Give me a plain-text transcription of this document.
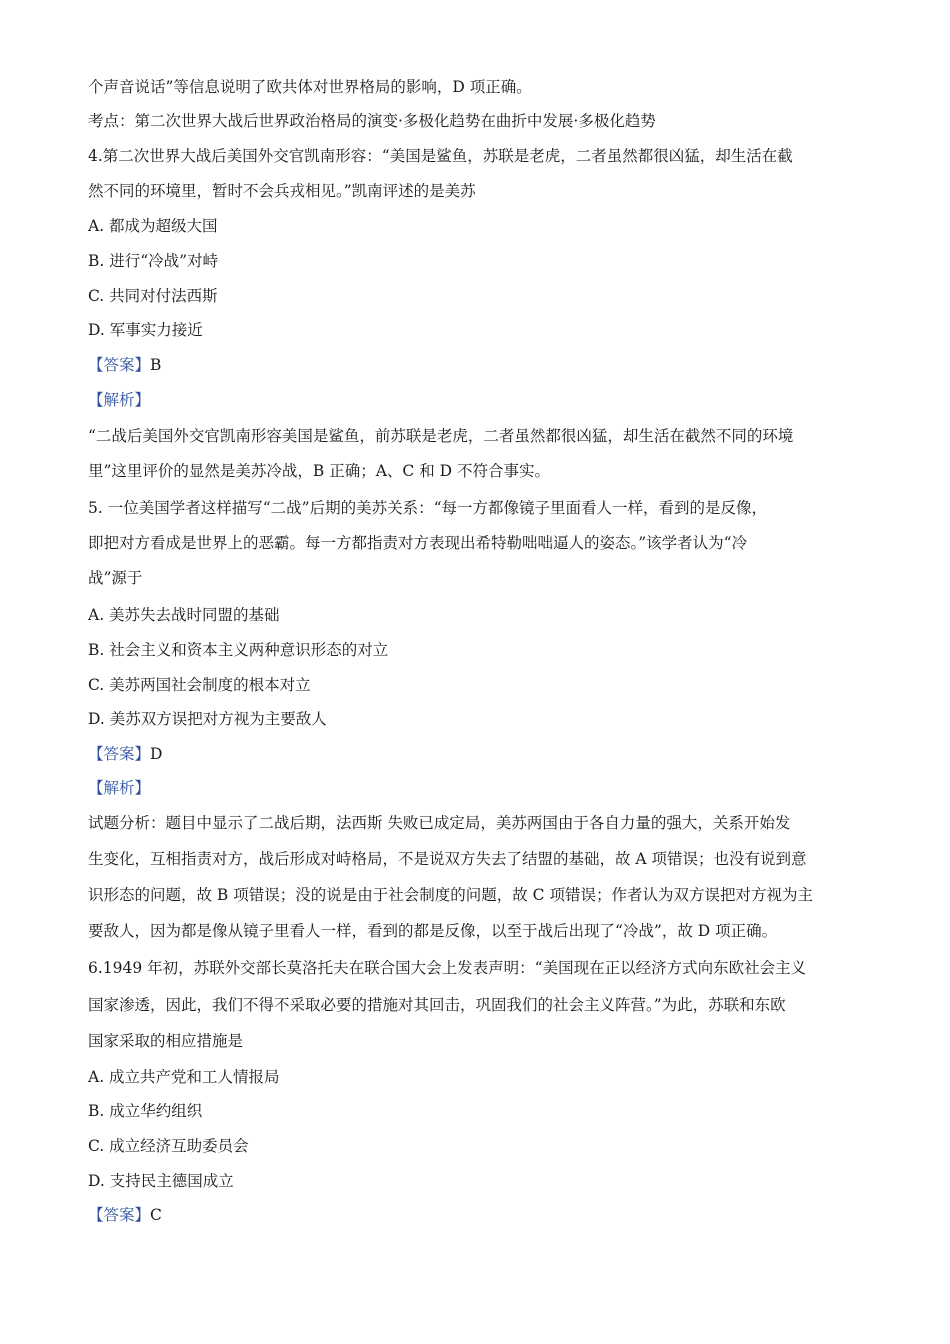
个声音说话”等信息说明了欧共体对世界格局的影响，D 项正确。
考点：第二次世界大战后世界政治格局的演变·多极化趋势在曲折中发展·多极化趋势
4.第二次世界大战后美国外交官凯南形容：“美国是鲨鱼，苏联是老虎，二者虽然都很凶猛，却生活在截
然不同的环境里，暂时不会兵戎相见。”凯南评述的是美苏
A. 都成为超级大国
B. 进行“冷战”对峙
C. 共同对付法西斯
D. 军事实力接近
【答案】B
【解析】
“二战后美国外交官凯南形容美国是鲨鱼，前苏联是老虎，二者虽然都很凶猛，却生活在截然不同的环境
里”这里评价的显然是美苏冷战，B 正确；A、C 和 D 不符合事实。
5. 一位美国学者这样描写“二战”后期的美苏关系：“每一方都像镜子里面看人一样，看到的是反像，
即把对方看成是世界上的恶霸。每一方都指责对方表现出希特勒咄咄逼人的姿态。”该学者认为“冷
战”源于
A. 美苏失去战时同盟的基础
B. 社会主义和资本主义两种意识形态的对立
C. 美苏两国社会制度的根本对立
D. 美苏双方误把对方视为主要敌人
【答案】D
【解析】
试题分析：题目中显示了二战后期，法西斯 失败已成定局，美苏两国由于各自力量的强大，关系开始发
生变化，互相指责对方，战后形成对峙格局，不是说双方失去了结盟的基础，故 A 项错误；也没有说到意
识形态的问题，故 B 项错误；没的说是由于社会制度的问题，故 C 项错误；作者认为双方误把对方视为主
要敌人，因为都是像从镜子里看人一样，看到的都是反像，以至于战后出现了“冷战”，故 D 项正确。
6.1949 年初，苏联外交部长莫洛托夫在联合国大会上发表声明：“美国现在正以经济方式向东欧社会主义
国家渗透，因此，我们不得不采取必要的措施对其回击，巩固我们的社会主义阵营。”为此，苏联和东欧
国家采取的相应措施是
A. 成立共产党和工人情报局
B. 成立华约组织
C. 成立经济互助委员会
D. 支持民主德国成立
【答案】C
